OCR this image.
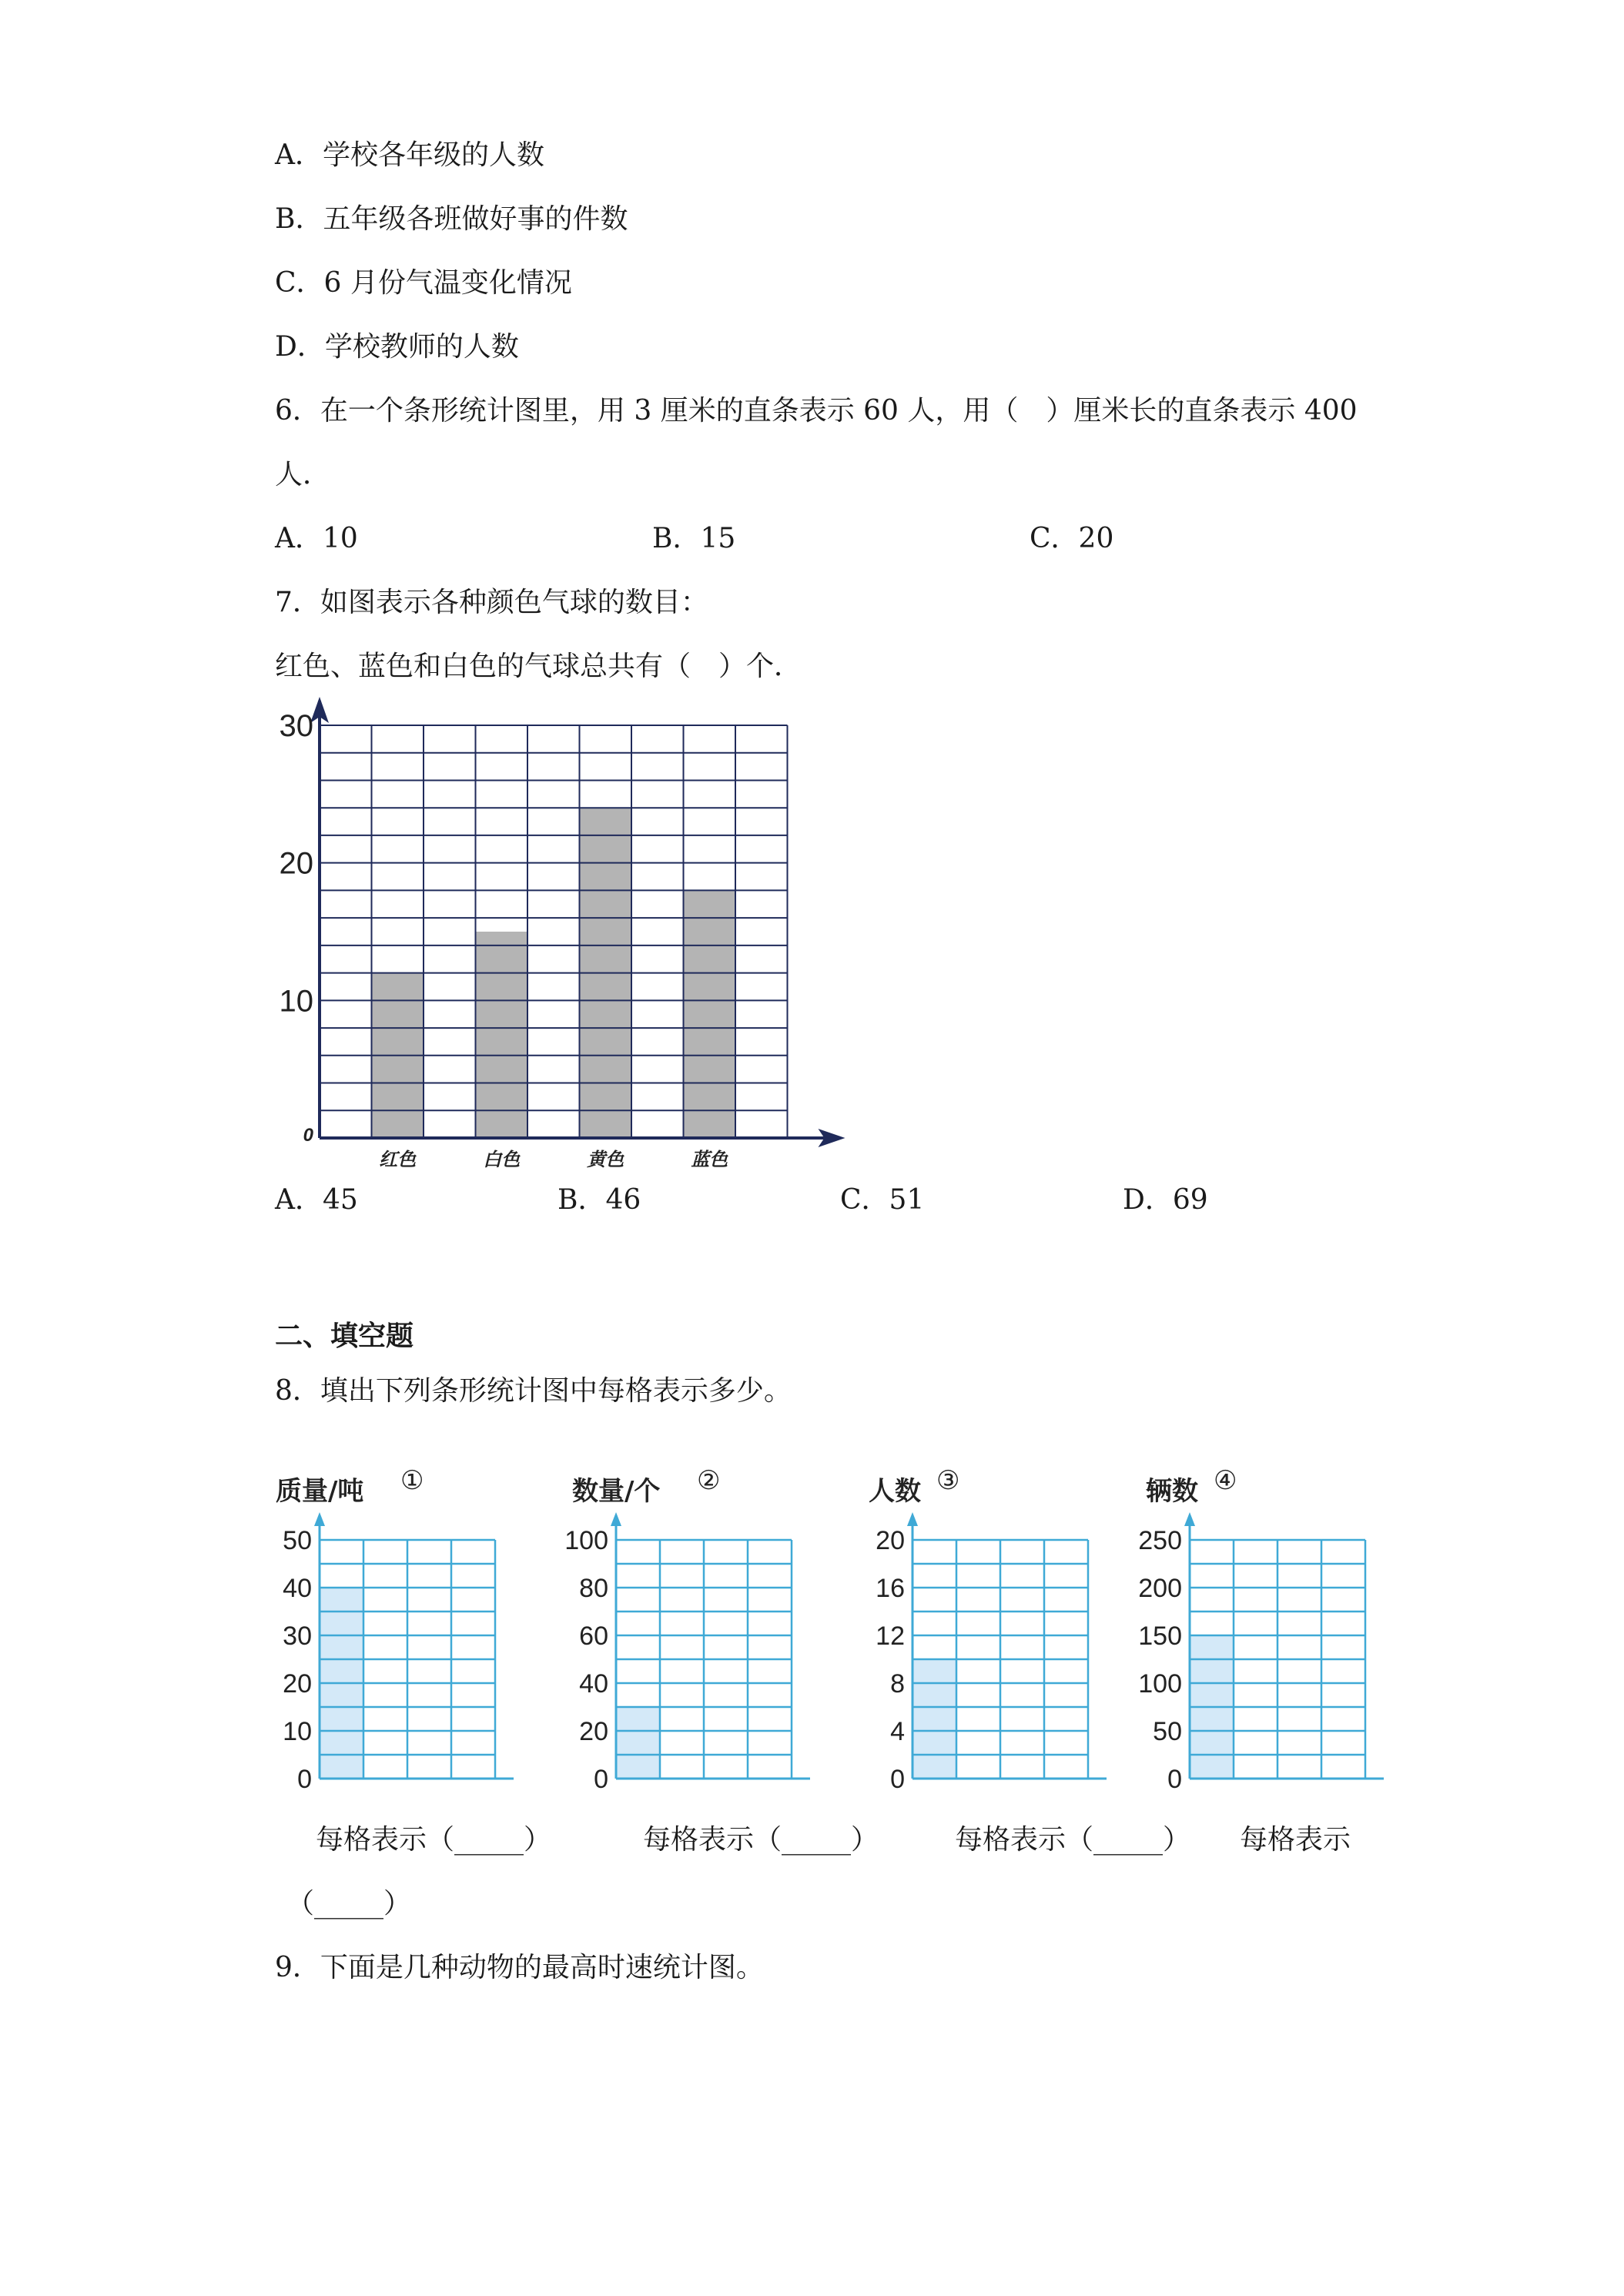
A．学校各年级的人数
B．五年级各班做好事的件数
C．6 月份气温变化情况
D．学校教师的人数
6．在一个条形统计图里，用 3 厘米的直条表示 60 人，用（　）厘米长的直条表示 400
人．
A．10	B．15	C．20
7．如图表示各种颜色气球的数目：
红色、蓝色和白色的气球总共有（　）个．
0
10
20
30
红色	白色	黄色	蓝色
A．45	B．46	C．51	D．69
二、填空题
8．填出下列条形统计图中每格表示多少。
质量/吨 ①
0
10
20
30
40
50
数量/个 ②
0
20
40
60
80
100
人数 ③
0
4
8
12
16
20
辆数 ④
0
50
100
150
200
250
每格表示（_____）	每格表示（_____）	每格表示（_____） 每格表示
（_____）
9．下面是几种动物的最高时速统计图。
